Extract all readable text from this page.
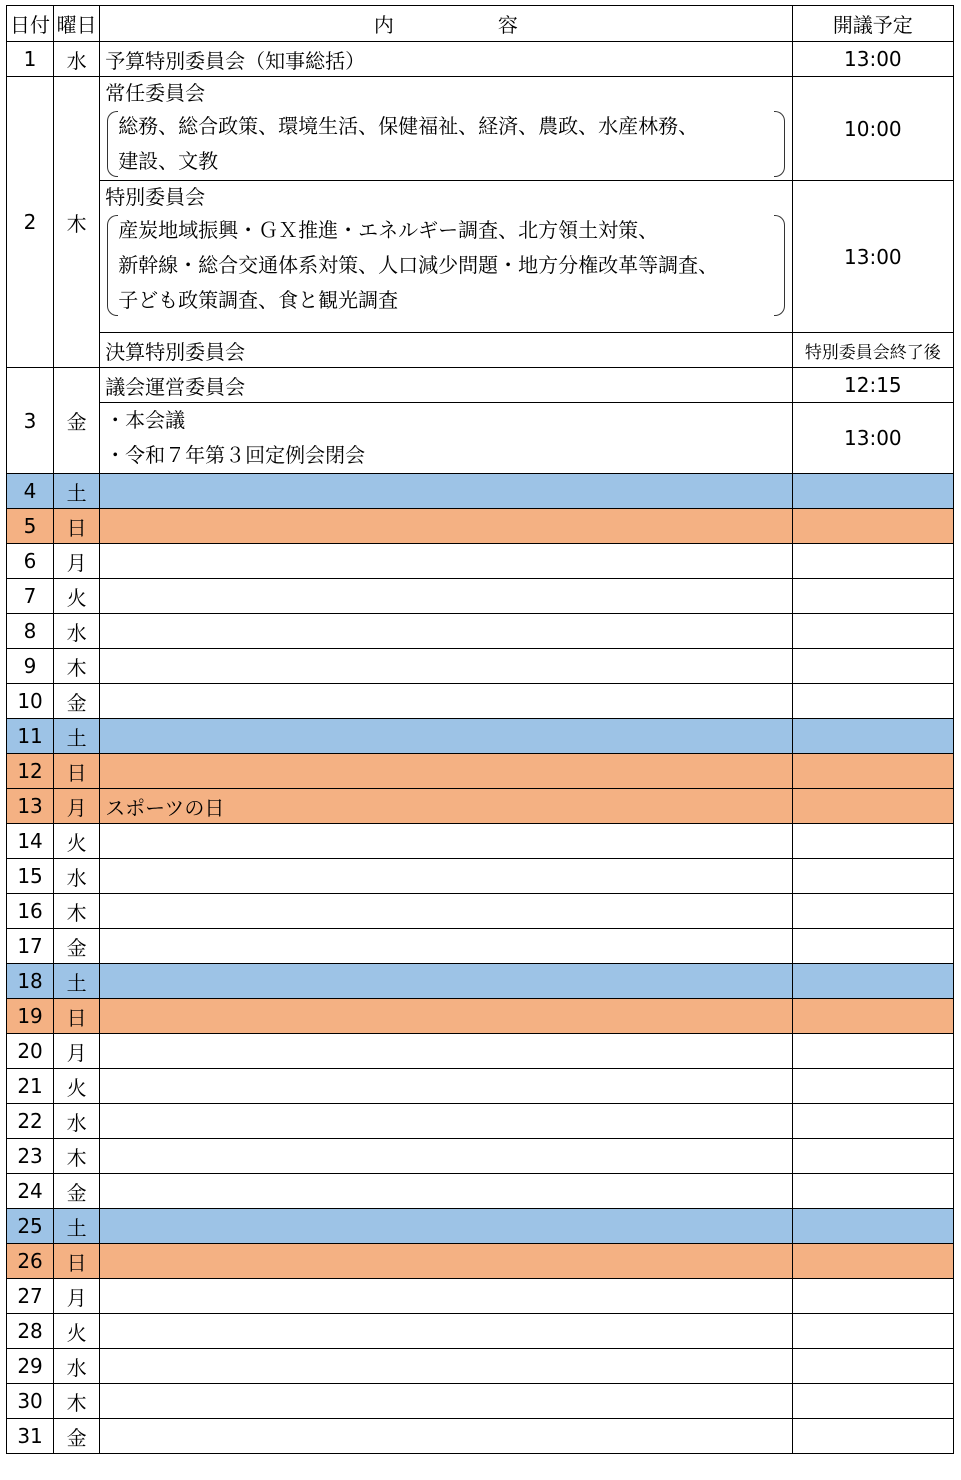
日付	曜日	内 容	開議予定
1	水	予算特別委員会（知事総括）	13:00
2	木	常任委員会
総務、総合政策、環境生活、保健福祉、経済、農政、水産林務、
建設、文教	10:00

		特別委員会
産炭地域振興・ＧＸ推進・エネルギー調査、北方領土対策、
新幹線・総合交通体系対策、人口減少問題・地方分権改革等調査、
子ども政策調査、食と観光調査	13:00
		決算特別委員会	特別委員会終了後
3	金	議会運営委員会	12:15

		・本会議
・令和７年第３回定例会閉会	13:00
4	土		
5	日		
6	月		
7	火		
8	水		
9	木		
10	金		
11	土		
12	日		
13	月	スポーツの日	
14	火		
15	水		
16	木		
17	金		
18	土		
19	日		
20	月		
21	火		
22	水		
23	木		
24	金		
25	土		
26	日		
27	月		
28	火		
29	水		
30	木		
31	金		
